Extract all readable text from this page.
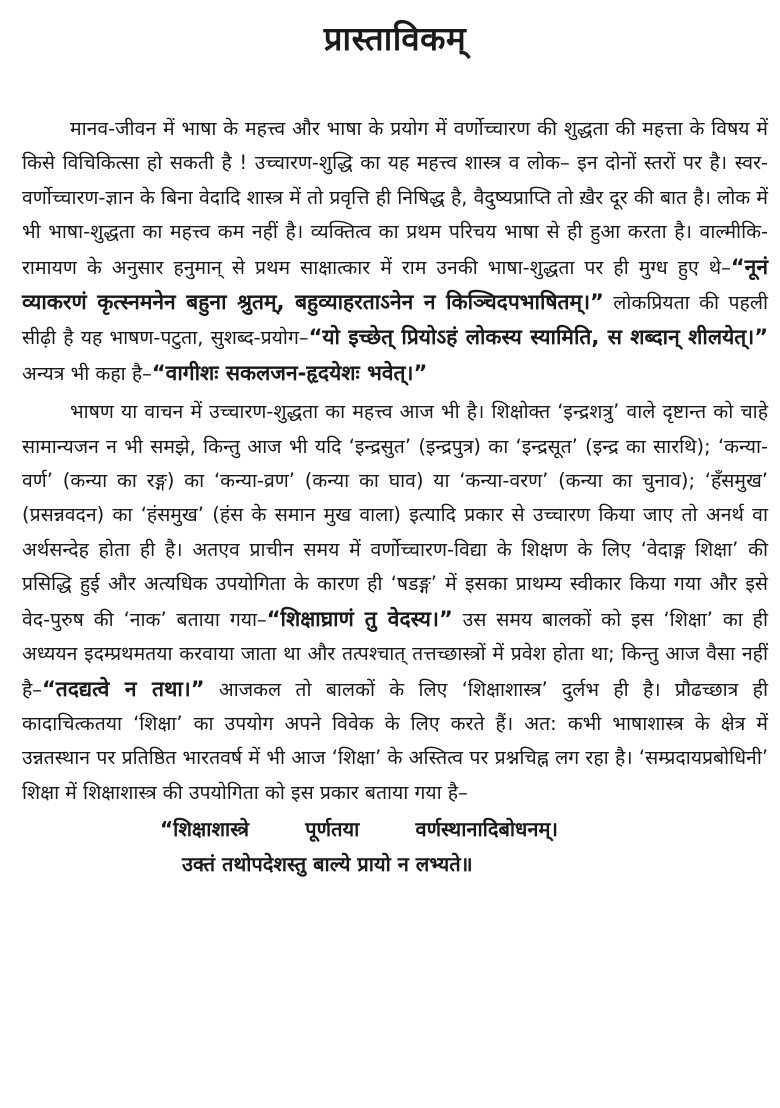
प्रास्ताविकम्

मानव-जीवन में भाषा के महत्त्व और भाषा के प्रयोग में वर्णोच्चारण की शुद्धता की महत्ता के विषय में किसे विचिकित्सा हो सकती है ! उच्चारण-शुद्धि का यह महत्त्व शास्त्र व लोक– इन दोनों स्तरों पर है। स्वर-वर्णोच्चारण-ज्ञान के बिना वेदादि शास्त्र में तो प्रवृत्ति ही निषिद्ध है, वैदुष्यप्राप्ति तो ख़ैर दूर की बात है। लोक में भी भाषा-शुद्धता का महत्त्व कम नहीं है। व्यक्तित्व का प्रथम परिचय भाषा से ही हुआ करता है। वाल्मीकि-रामायण के अनुसार हनुमान् से प्रथम साक्षात्कार में राम उनकी भाषा-शुद्धता पर ही मुग्ध हुए थे–“नूनं व्याकरणं कृत्स्नमनेन बहुना श्रुतम्, बहुव्याहरताऽनेन न किञ्चिदपभाषितम्।” लोकप्रियता की पहली सीढ़ी है यह भाषण-पटुता, सुशब्द-प्रयोग–“यो इच्छेत् प्रियोऽहं लोकस्य स्यामिति, स शब्दान् शीलयेत्।” अन्यत्र भी कहा है–“वागीशः सकलजन-हृदयेशः भवेत्।”

भाषण या वाचन में उच्चारण-शुद्धता का महत्त्व आज भी है। शिक्षोक्त ‘इन्द्रशत्रु’ वाले दृष्टान्त को चाहे सामान्यजन न भी समझे, किन्तु आज भी यदि ‘इन्द्रसुत’ (इन्द्रपुत्र) का ‘इन्द्रसूत’ (इन्द्र का सारथि); ‘कन्या-वर्ण’ (कन्या का रङ्ग) का ‘कन्या-व्रण’ (कन्या का घाव) या ‘कन्या-वरण’ (कन्या का चुनाव); ‘हँसमुख’ (प्रसन्नवदन) का ‘हंसमुख’ (हंस के समान मुख वाला) इत्यादि प्रकार से उच्चारण किया जाए तो अनर्थ वा अर्थसन्देह होता ही है। अतएव प्राचीन समय में वर्णोच्चारण-विद्या के शिक्षण के लिए ‘वेदाङ्ग शिक्षा’ की प्रसिद्धि हुई और अत्यधिक उपयोगिता के कारण ही ‘षडङ्ग’ में इसका प्राथम्य स्वीकार किया गया और इसे वेद-पुरुष की ‘नाक’ बताया गया–“शिक्षाघ्राणं तु वेदस्य।” उस समय बालकों को इस ‘शिक्षा’ का ही अध्ययन इदम्प्रथमतया करवाया जाता था और तत्पश्चात् तत्तच्छास्त्रों में प्रवेश होता था; किन्तु आज वैसा नहीं है–“तदद्यत्वे न तथा।” आजकल तो बालकों के लिए ‘शिक्षाशास्त्र’ दुर्लभ ही है। प्रौढच्छात्र ही कादाचित्कतया ‘शिक्षा’ का उपयोग अपने विवेक के लिए करते हैं। अत: कभी भाषाशास्त्र के क्षेत्र में उन्नतस्थान पर प्रतिष्ठित भारतवर्ष में भी आज ‘शिक्षा’ के अस्तित्व पर प्रश्नचिह्न लग रहा है। ‘सम्प्रदायप्रबोधिनी’ शिक्षा में शिक्षाशास्त्र की उपयोगिता को इस प्रकार बताया गया है–

“शिक्षाशास्त्रे	पूर्णतया	वर्णस्थानादिबोधनम्।
उक्तं तथोपदेशस्तु बाल्ये प्रायो न लभ्यते॥
